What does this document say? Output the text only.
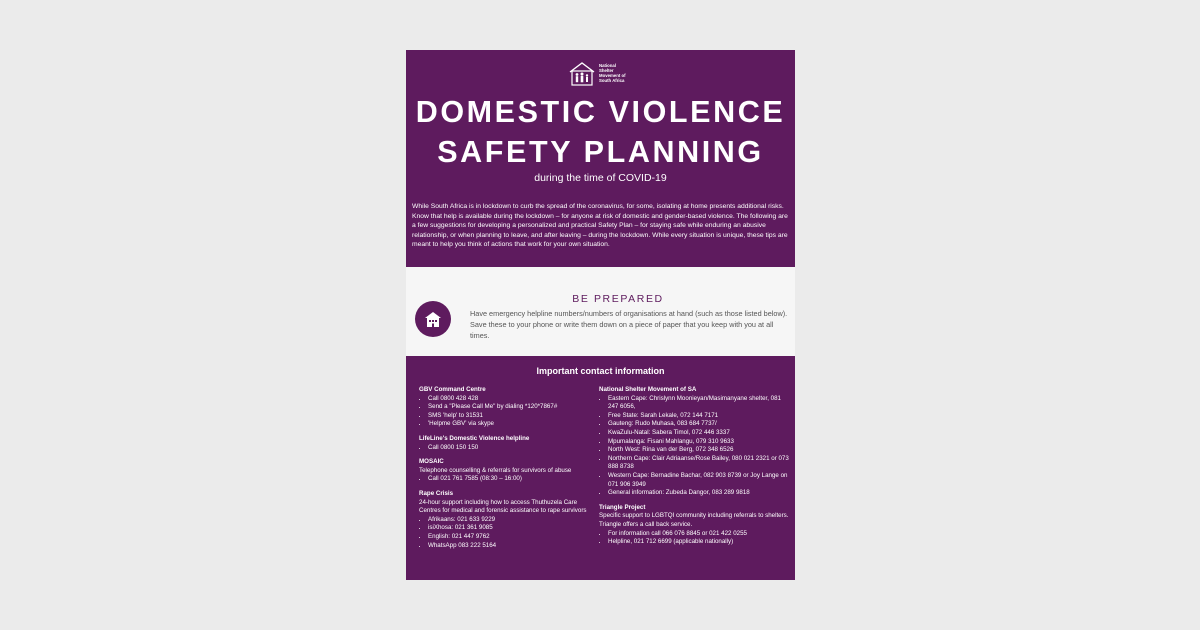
National
Shelter
Movement of
South Africa
DOMESTIC VIOLENCE
SAFETY PLANNING
during the time of COVID-19
While South Africa is in lockdown to curb the spread of the coronavirus, for some, isolating at home presents additional risks. Know that help is available during the lockdown – for anyone at risk of domestic and gender-based violence. The following are a few suggestions for developing a personalized and practical Safety Plan – for staying safe while enduring an abusive relationship, or when planning to leave, and after leaving – during the lockdown. While every situation is unique, these tips are meant to help you think of actions that work for your own situation.
BE PREPARED
Have emergency helpline numbers/numbers of organisations at hand (such as those listed below). Save these to your phone or write them down on a piece of paper that you keep with you at all times.
Important contact information
GBV Command Centre
• Call 0800 428 428
• Send a "Please Call Me" by dialing *120*7867#
• SMS 'help' to 31531
• 'Helpme GBV' via skype
LifeLine's Domestic Violence helpline
• Call 0800 150 150
MOSAIC
Telephone counselling & referrals for survivors of abuse
• Call 021 761 7585 (08:30 – 16:00)
Rape Crisis
24-hour support including how to access Thuthuzela Care Centres for medical and forensic assistance to rape survivors
• Afrikaans: 021 633 9229
• isiXhosa: 021 361 9085
• English: 021 447 9762
• WhatsApp 083 222 5164
National Shelter Movement of SA
• Eastern Cape: Chrislynn Moonieyan/Masimanyane shelter, 081 247 6056,
• Free State: Sarah Lekale, 072 144 7171
• Gauteng: Rudo Muhasa, 083 684 7737/
• KwaZulu-Natal: Sabera Timol, 072 446 3337
• Mpumalanga: Fisani Mahlangu, 079 310 9633
• North West: Rina van der Berg, 072 348 6526
• Northern Cape: Clair Adriaanse/Rose Bailey, 080 021 2321 or 073 888 8738
• Western Cape: Bernadine Bachar, 082 903 8739 or Joy Lange on 071 906 3949
• General information: Zubeda Dangor, 083 289 9818
Triangle Project
Specific support to LGBTQI community including referrals to shelters. Triangle offers a call back service.
• For information call 066 076 8845 or 021 422 0255
• Helpline, 021 712 6699 (applicable nationally)
